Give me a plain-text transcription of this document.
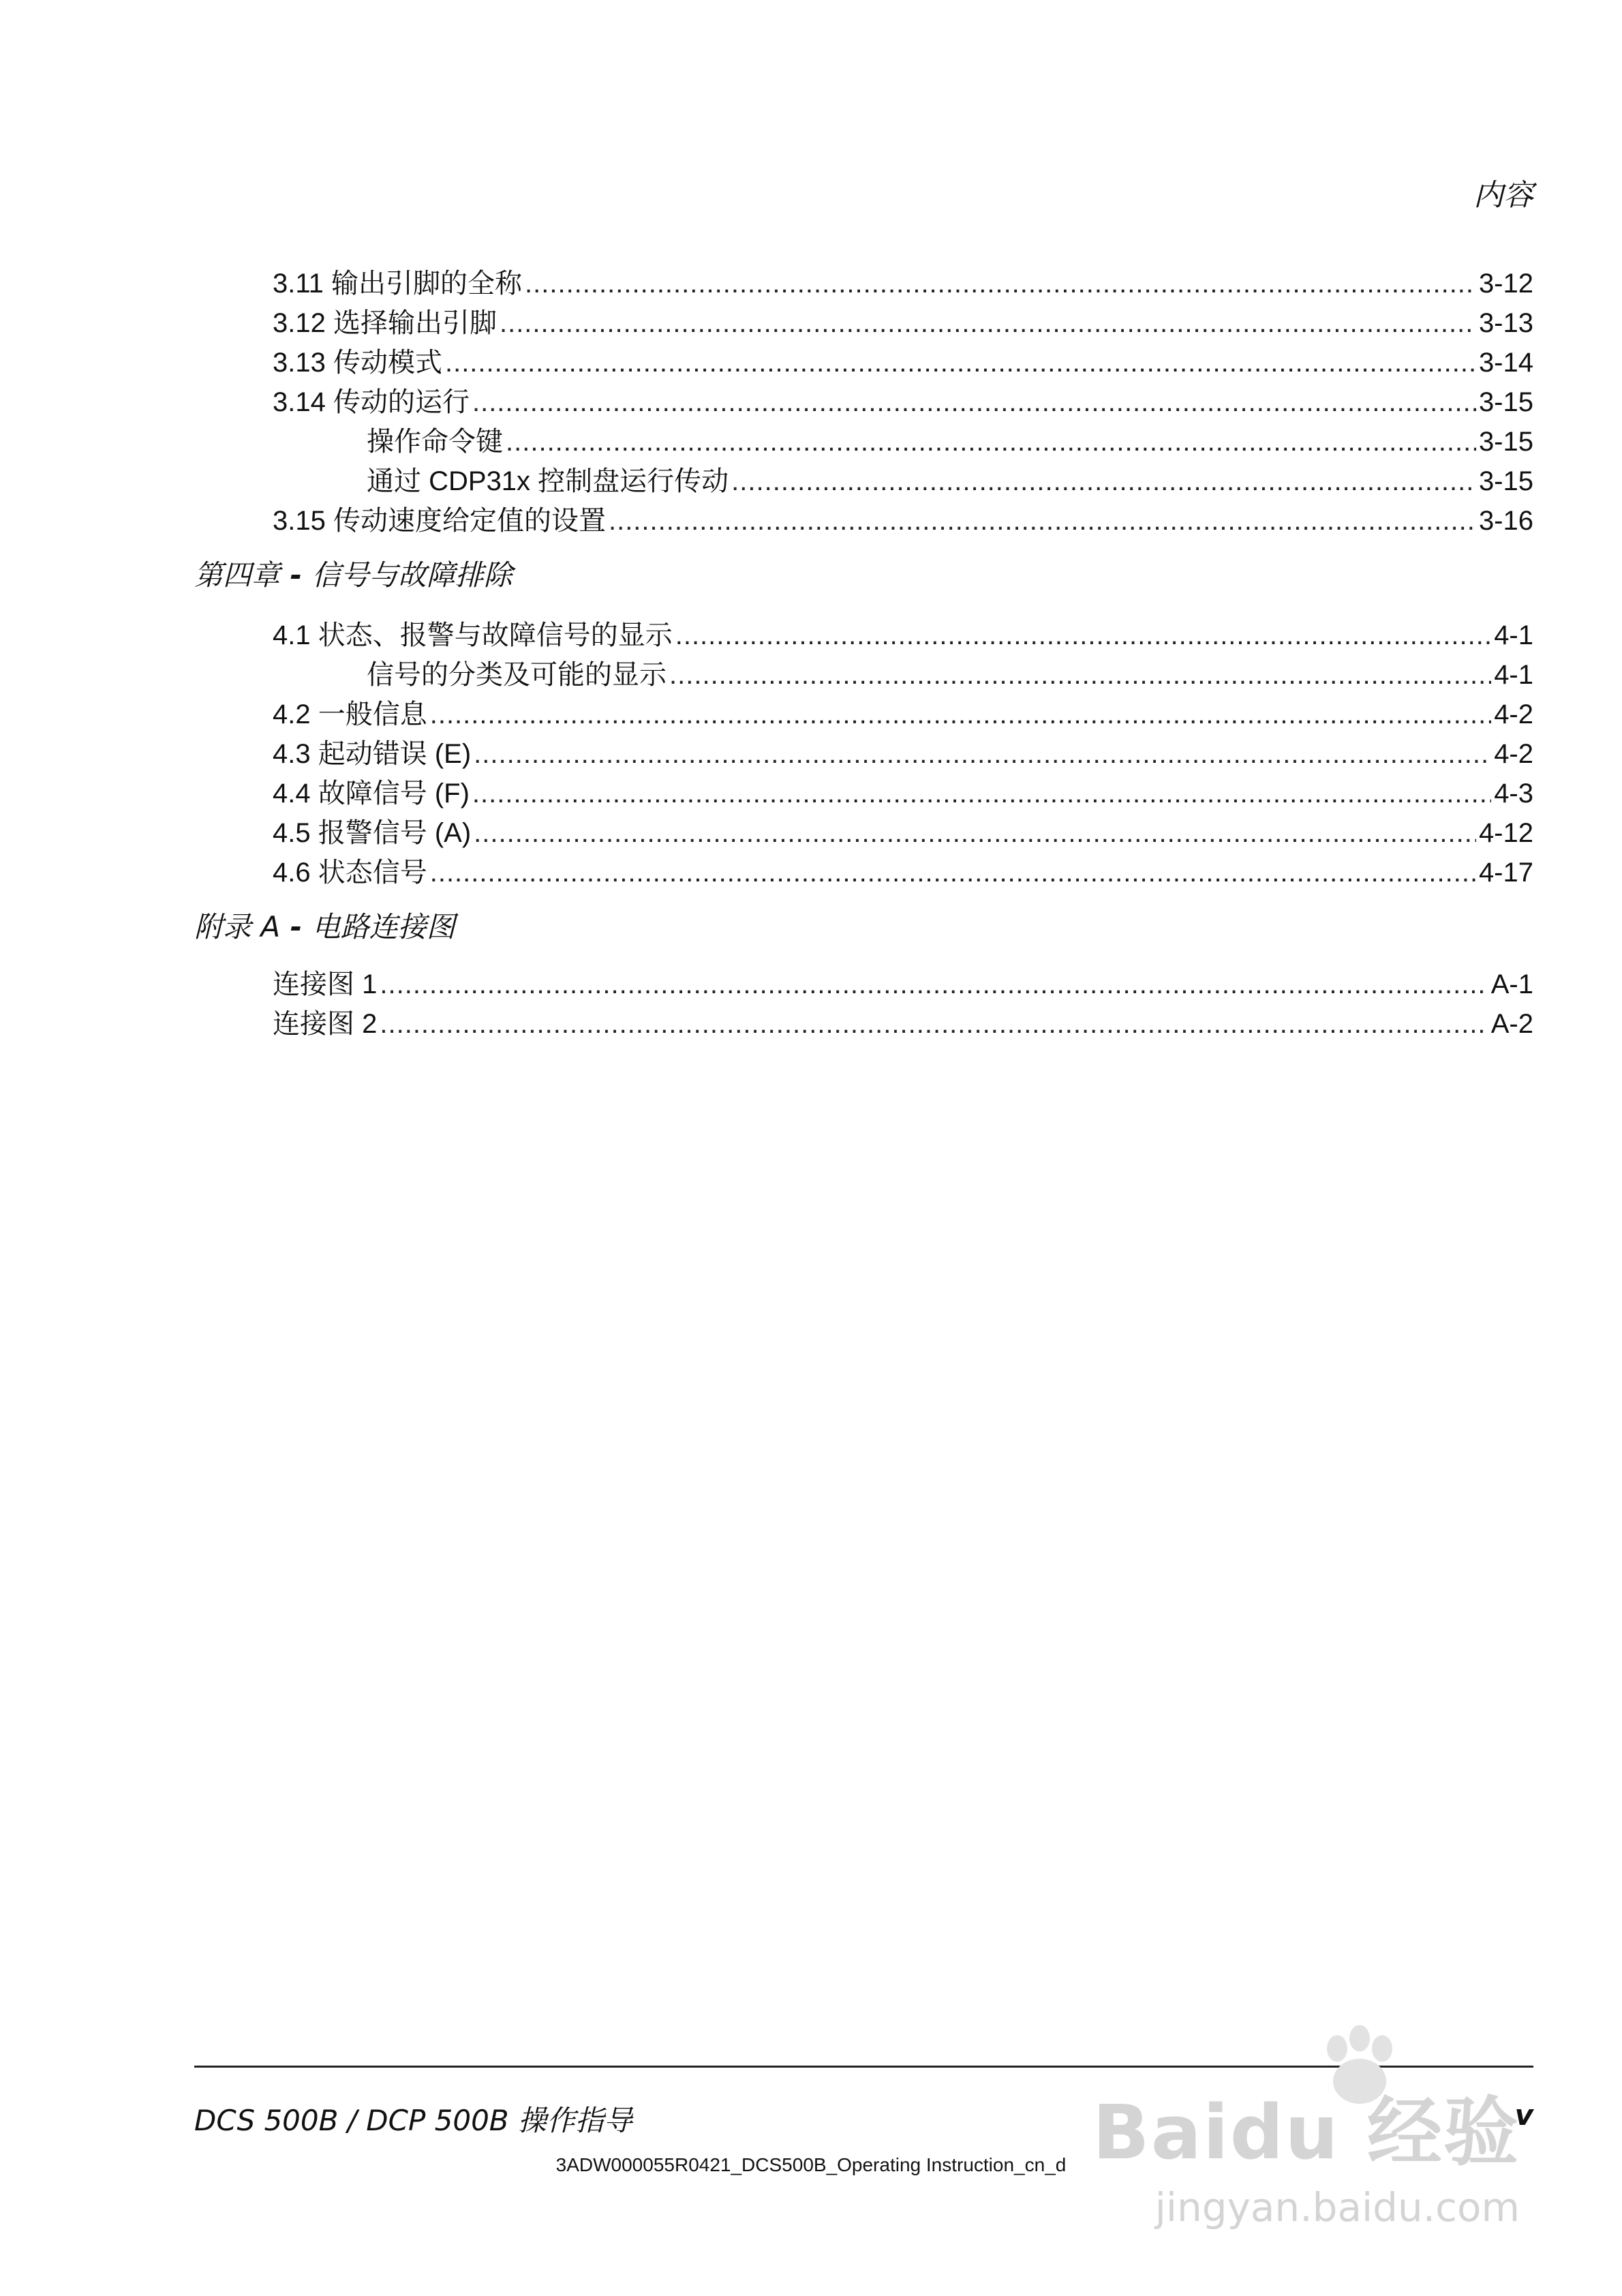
内容
3.11 输出引脚的全称 .....	3-12
3.12 选择输出引脚 .....	3-13
3.13 传动模式 .....	3-14
3.14 传动的运行 .....	3-15
操作命令键 .....	3-15
通过 CDP31x 控制盘运行传动 .....	3-15
3.15 传动速度给定值的设置 .....	3-16
第四章 - 信号与故障排除
4.1 状态、报警与故障信号的显示 .....	4-1
信号的分类及可能的显示 .....	4-1
4.2 一般信息 .....	4-2
4.3 起动错误 (E) .....	4-2
4.4 故障信号 (F) .....	4-3
4.5 报警信号 (A) .....	4-12
4.6 状态信号 .....	4-17
附录 A - 电路连接图
连接图 1 .....	A-1
连接图 2 .....	A-2
DCS 500B / DCP 500B 操作指导	v
3ADW000055R0421_DCS500B_Operating Instruction_cn_d Baidu 经验
jingyan.baidu.com
